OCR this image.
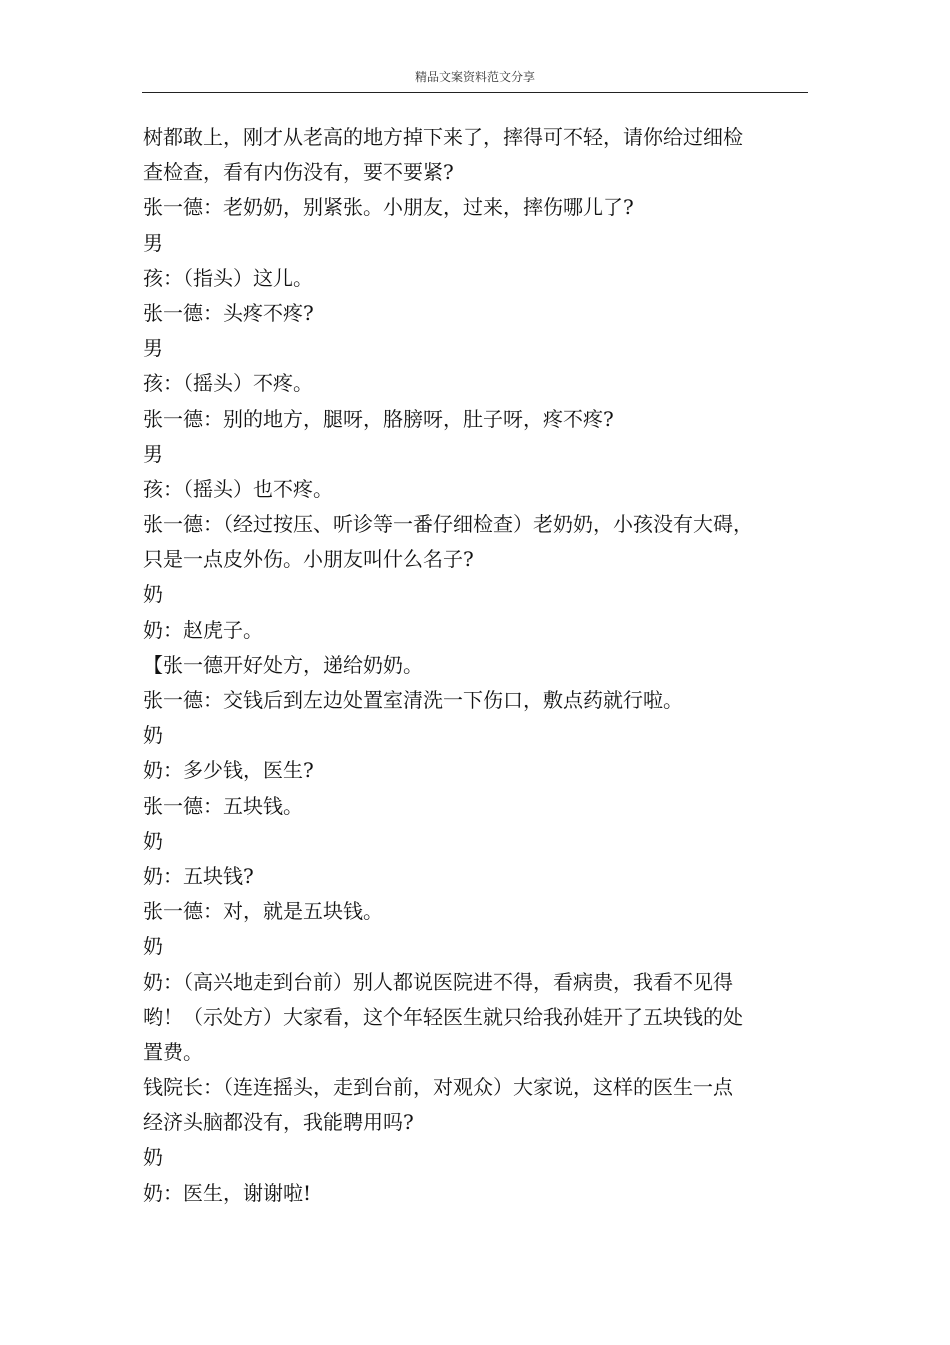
精品文案资料范文分享
树都敢上，刚才从老高的地方掉下来了，摔得可不轻，请你给过细检
查检查，看有内伤没有，要不要紧?
张一德：老奶奶，别紧张。小朋友，过来，摔伤哪儿了?
男
孩：（指头）这儿。
张一德：头疼不疼?
男
孩：（摇头）不疼。
张一德：别的地方，腿呀，胳膀呀，肚子呀，疼不疼?
男
孩：（摇头）也不疼。
张一德：（经过按压、听诊等一番仔细检查）老奶奶，小孩没有大碍，
只是一点皮外伤。小朋友叫什么名子?
奶
奶：赵虎子。
【张一德开好处方，递给奶奶。
张一德：交钱后到左边处置室清洗一下伤口，敷点药就行啦。
奶
奶：多少钱，医生?
张一德：五块钱。
奶
奶：五块钱?
张一德：对，就是五块钱。
奶
奶：（高兴地走到台前）别人都说医院进不得，看病贵，我看不见得
哟！（示处方）大家看，这个年轻医生就只给我孙娃开了五块钱的处
置费。
钱院长：（连连摇头，走到台前，对观众）大家说，这样的医生一点
经济头脑都没有，我能聘用吗?
奶
奶：医生，谢谢啦!
